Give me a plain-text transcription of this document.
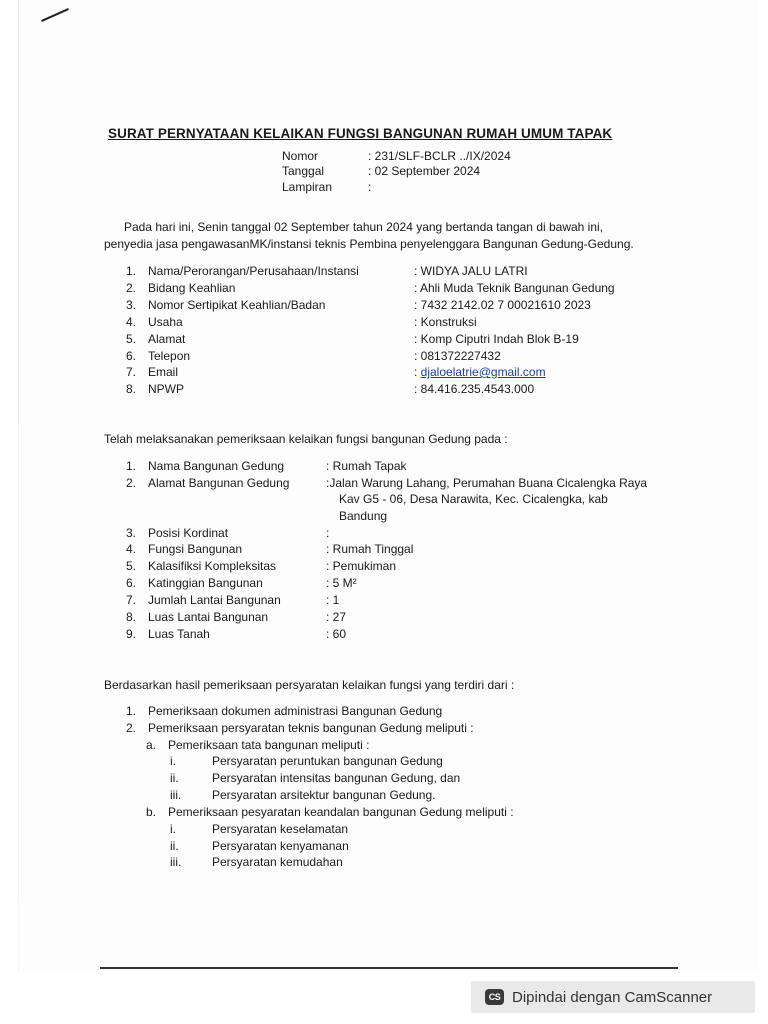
SURAT PERNYATAAN KELAIKAN FUNGSI BANGUNAN RUMAH UMUM TAPAK
Nomor	: 231/SLF-BCLR ../IX/2024
Tanggal	: 02 September 2024
Lampiran	:
Pada hari ini, Senin tanggal 02 September tahun 2024 yang bertanda tangan di bawah ini,
penyedia jasa pengawasanMK/instansi teknis Pembina penyelenggara Bangunan Gedung-Gedung.
1. Nama/Perorangan/Perusahaan/Instansi	: WIDYA JALU LATRI
2. Bidang Keahlian	: Ahli Muda Teknik Bangunan Gedung
3. Nomor Sertipikat Keahlian/Badan	: 7432 2142.02 7 00021610 2023
4. Usaha	: Konstruksi
5. Alamat	: Komp Ciputri Indah Blok B-19
6. Telepon	: 081372227432
7. Email	: djaloelatrie@gmail.com
8. NPWP	: 84.416.235.4543.000
Telah melaksanakan pemeriksaan kelaikan fungsi bangunan Gedung pada :
1. Nama Bangunan Gedung	: Rumah Tapak
2. Alamat Bangunan Gedung	:Jalan Warung Lahang, Perumahan Buana Cicalengka Raya
Kav G5 - 06, Desa Narawita, Kec. Cicalengka, kab
Bandung
3. Posisi Kordinat	:
4. Fungsi Bangunan	: Rumah Tinggal
5. Kalasifiksi Kompleksitas	: Pemukiman
6. Katinggian Bangunan	: 5 M²
7. Jumlah Lantai Bangunan	: 1
8. Luas Lantai Bangunan	: 27
9. Luas Tanah	: 60
Berdasarkan hasil pemeriksaan persyaratan kelaikan fungsi yang terdiri dari :
1. Pemeriksaan dokumen administrasi Bangunan Gedung
2. Pemeriksaan persyaratan teknis bangunan Gedung meliputi :
a. Pemeriksaan tata bangunan meliputi :
i.	Persyaratan peruntukan bangunan Gedung
ii.	Persyaratan intensitas bangunan Gedung, dan
iii.	Persyaratan arsitektur bangunan Gedung.
b. Pemeriksaan pesyaratan keandalan bangunan Gedung meliputi :
i.	Persyaratan keselamatan
ii.	Persyaratan kenyamanan
iii.	Persyaratan kemudahan
CS Dipindai dengan CamScanner
